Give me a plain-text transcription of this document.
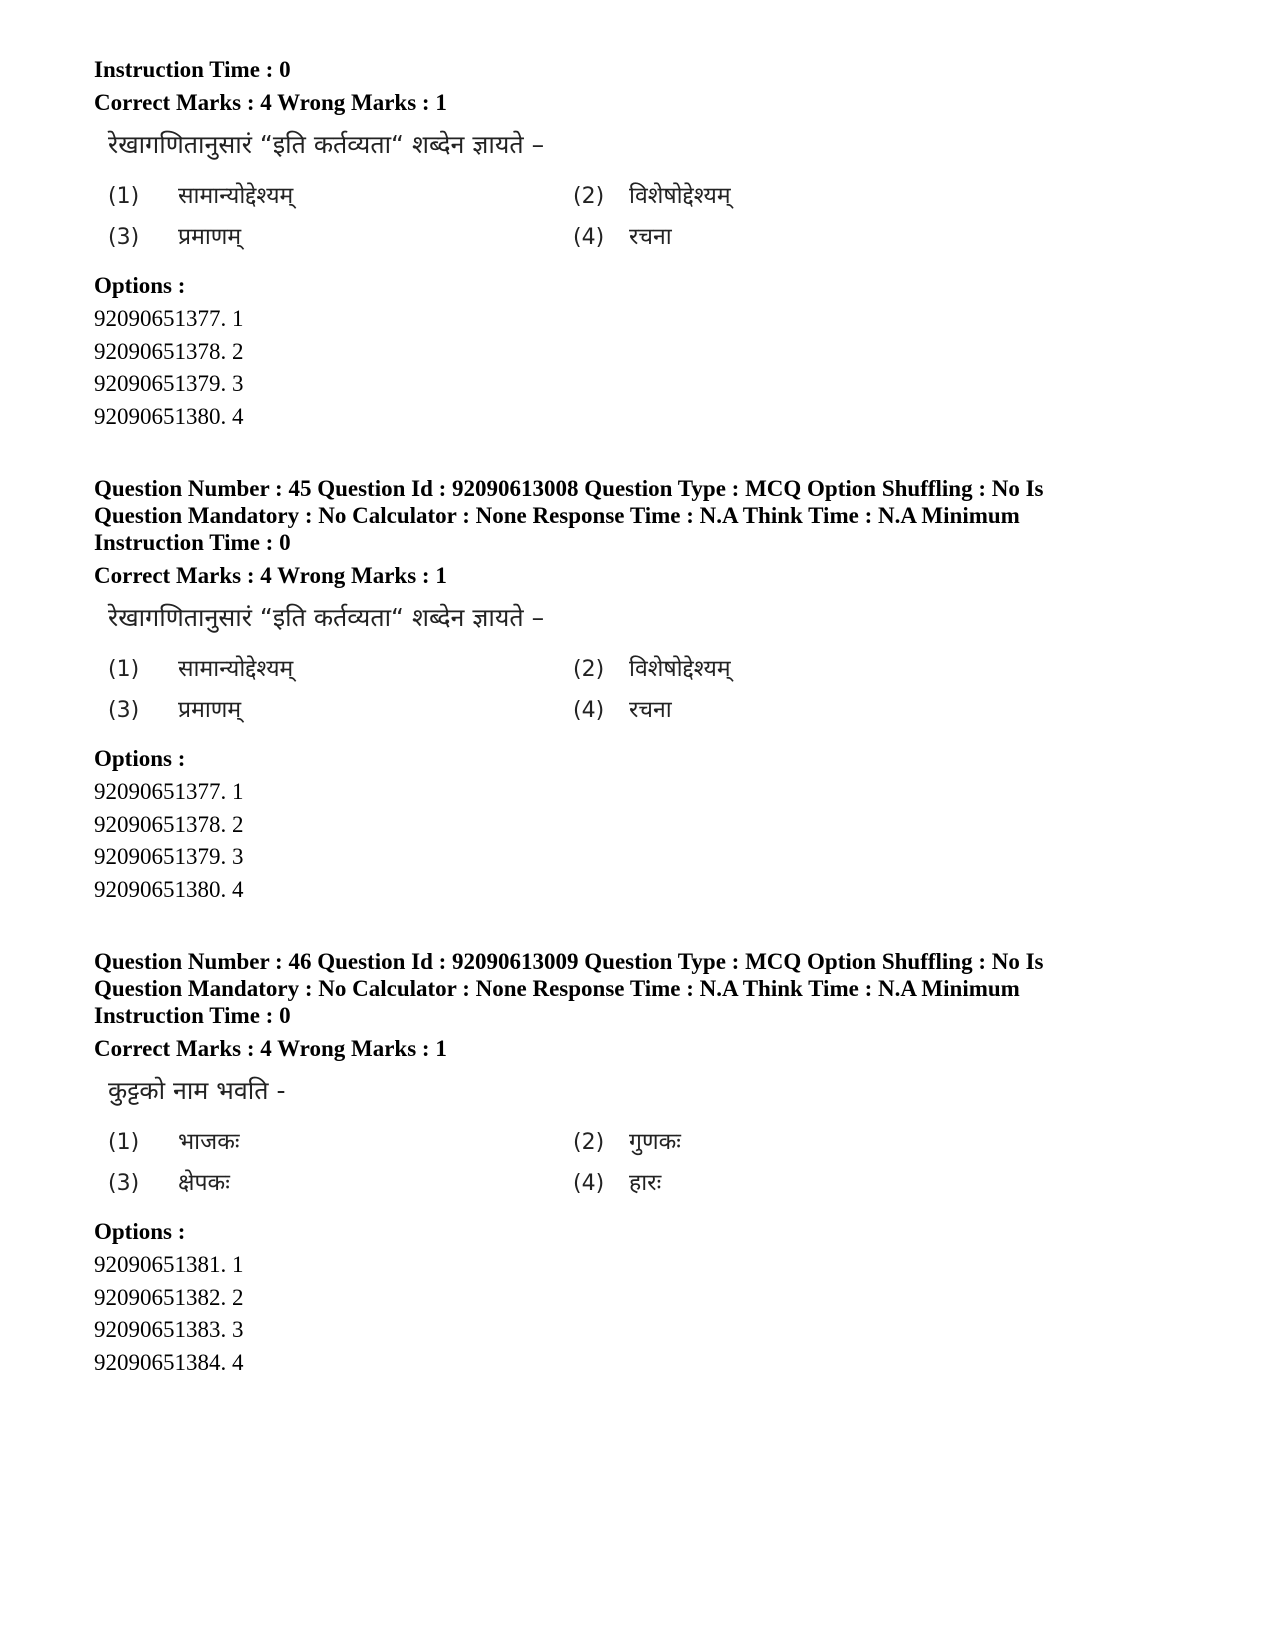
Instruction Time : 0
Correct Marks : 4 Wrong Marks : 1
रेखागणितानुसारं “इति कर्तव्यता“ शब्देन ज्ञायते –
(1)	सामान्योद्देश्यम्	(2)	विशेषोद्देश्यम्
(3)	प्रमाणम्	(4)	रचना
Options :
92090651377. 1
92090651378. 2
92090651379. 3
92090651380. 4
Question Number : 45 Question Id : 92090613008 Question Type : MCQ Option Shuffling : No Is
Question Mandatory : No Calculator : None Response Time : N.A Think Time : N.A Minimum
Instruction Time : 0
Correct Marks : 4 Wrong Marks : 1
रेखागणितानुसारं “इति कर्तव्यता“ शब्देन ज्ञायते –
(1)	सामान्योद्देश्यम्	(2)	विशेषोद्देश्यम्
(3)	प्रमाणम्	(4)	रचना
Options :
92090651377. 1
92090651378. 2
92090651379. 3
92090651380. 4
Question Number : 46 Question Id : 92090613009 Question Type : MCQ Option Shuffling : No Is
Question Mandatory : No Calculator : None Response Time : N.A Think Time : N.A Minimum
Instruction Time : 0
Correct Marks : 4 Wrong Marks : 1
कुट्टको नाम भवति -
(1)	भाजकः	(2)	गुणकः
(3)	क्षेपकः	(4)	हारः
Options :
92090651381. 1
92090651382. 2
92090651383. 3
92090651384. 4
